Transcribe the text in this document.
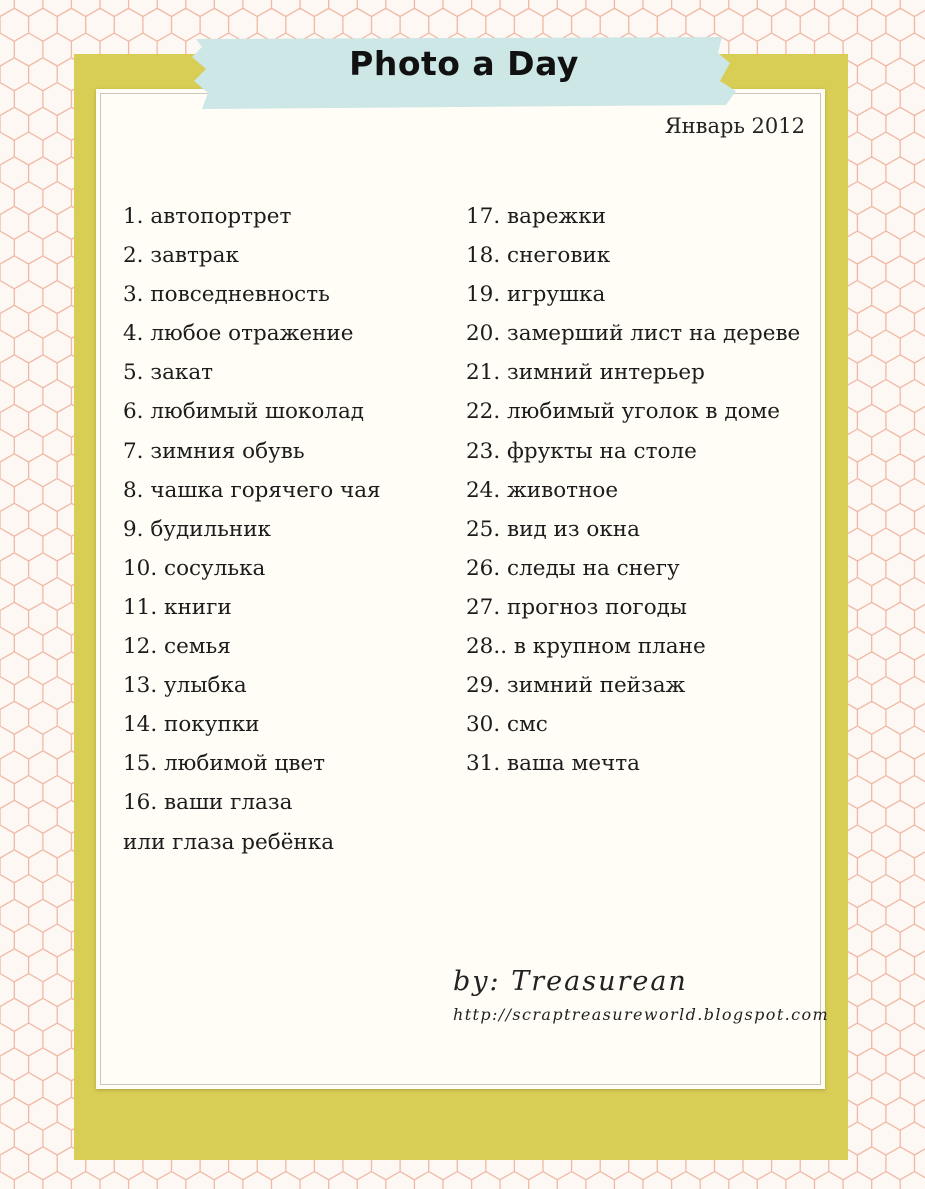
Photo a Day
Январь 2012
1. автопортрет
2. завтрак
3. повседневность
4. любое отражение
5. закат
6. любимый шоколад
7. зимния обувь
8. чашка горячего чая
9. будильник
10. сосулька
11. книги
12. семья
13. улыбка
14. покупки
15. любимой цвет
16. ваши глаза
или глаза ребёнка
17. варежки
18. снеговик
19. игрушка
20. замерший лист на дереве
21. зимний интерьер
22. любимый уголок в доме
23. фрукты на столе
24. животное
25. вид из окна
26. следы на снегу
27. прогноз погоды
28.. в крупном плане
29. зимний пейзаж
30. смс
31. ваша мечта
by: Treasurean
http://scraptreasureworld.blogspot.com
